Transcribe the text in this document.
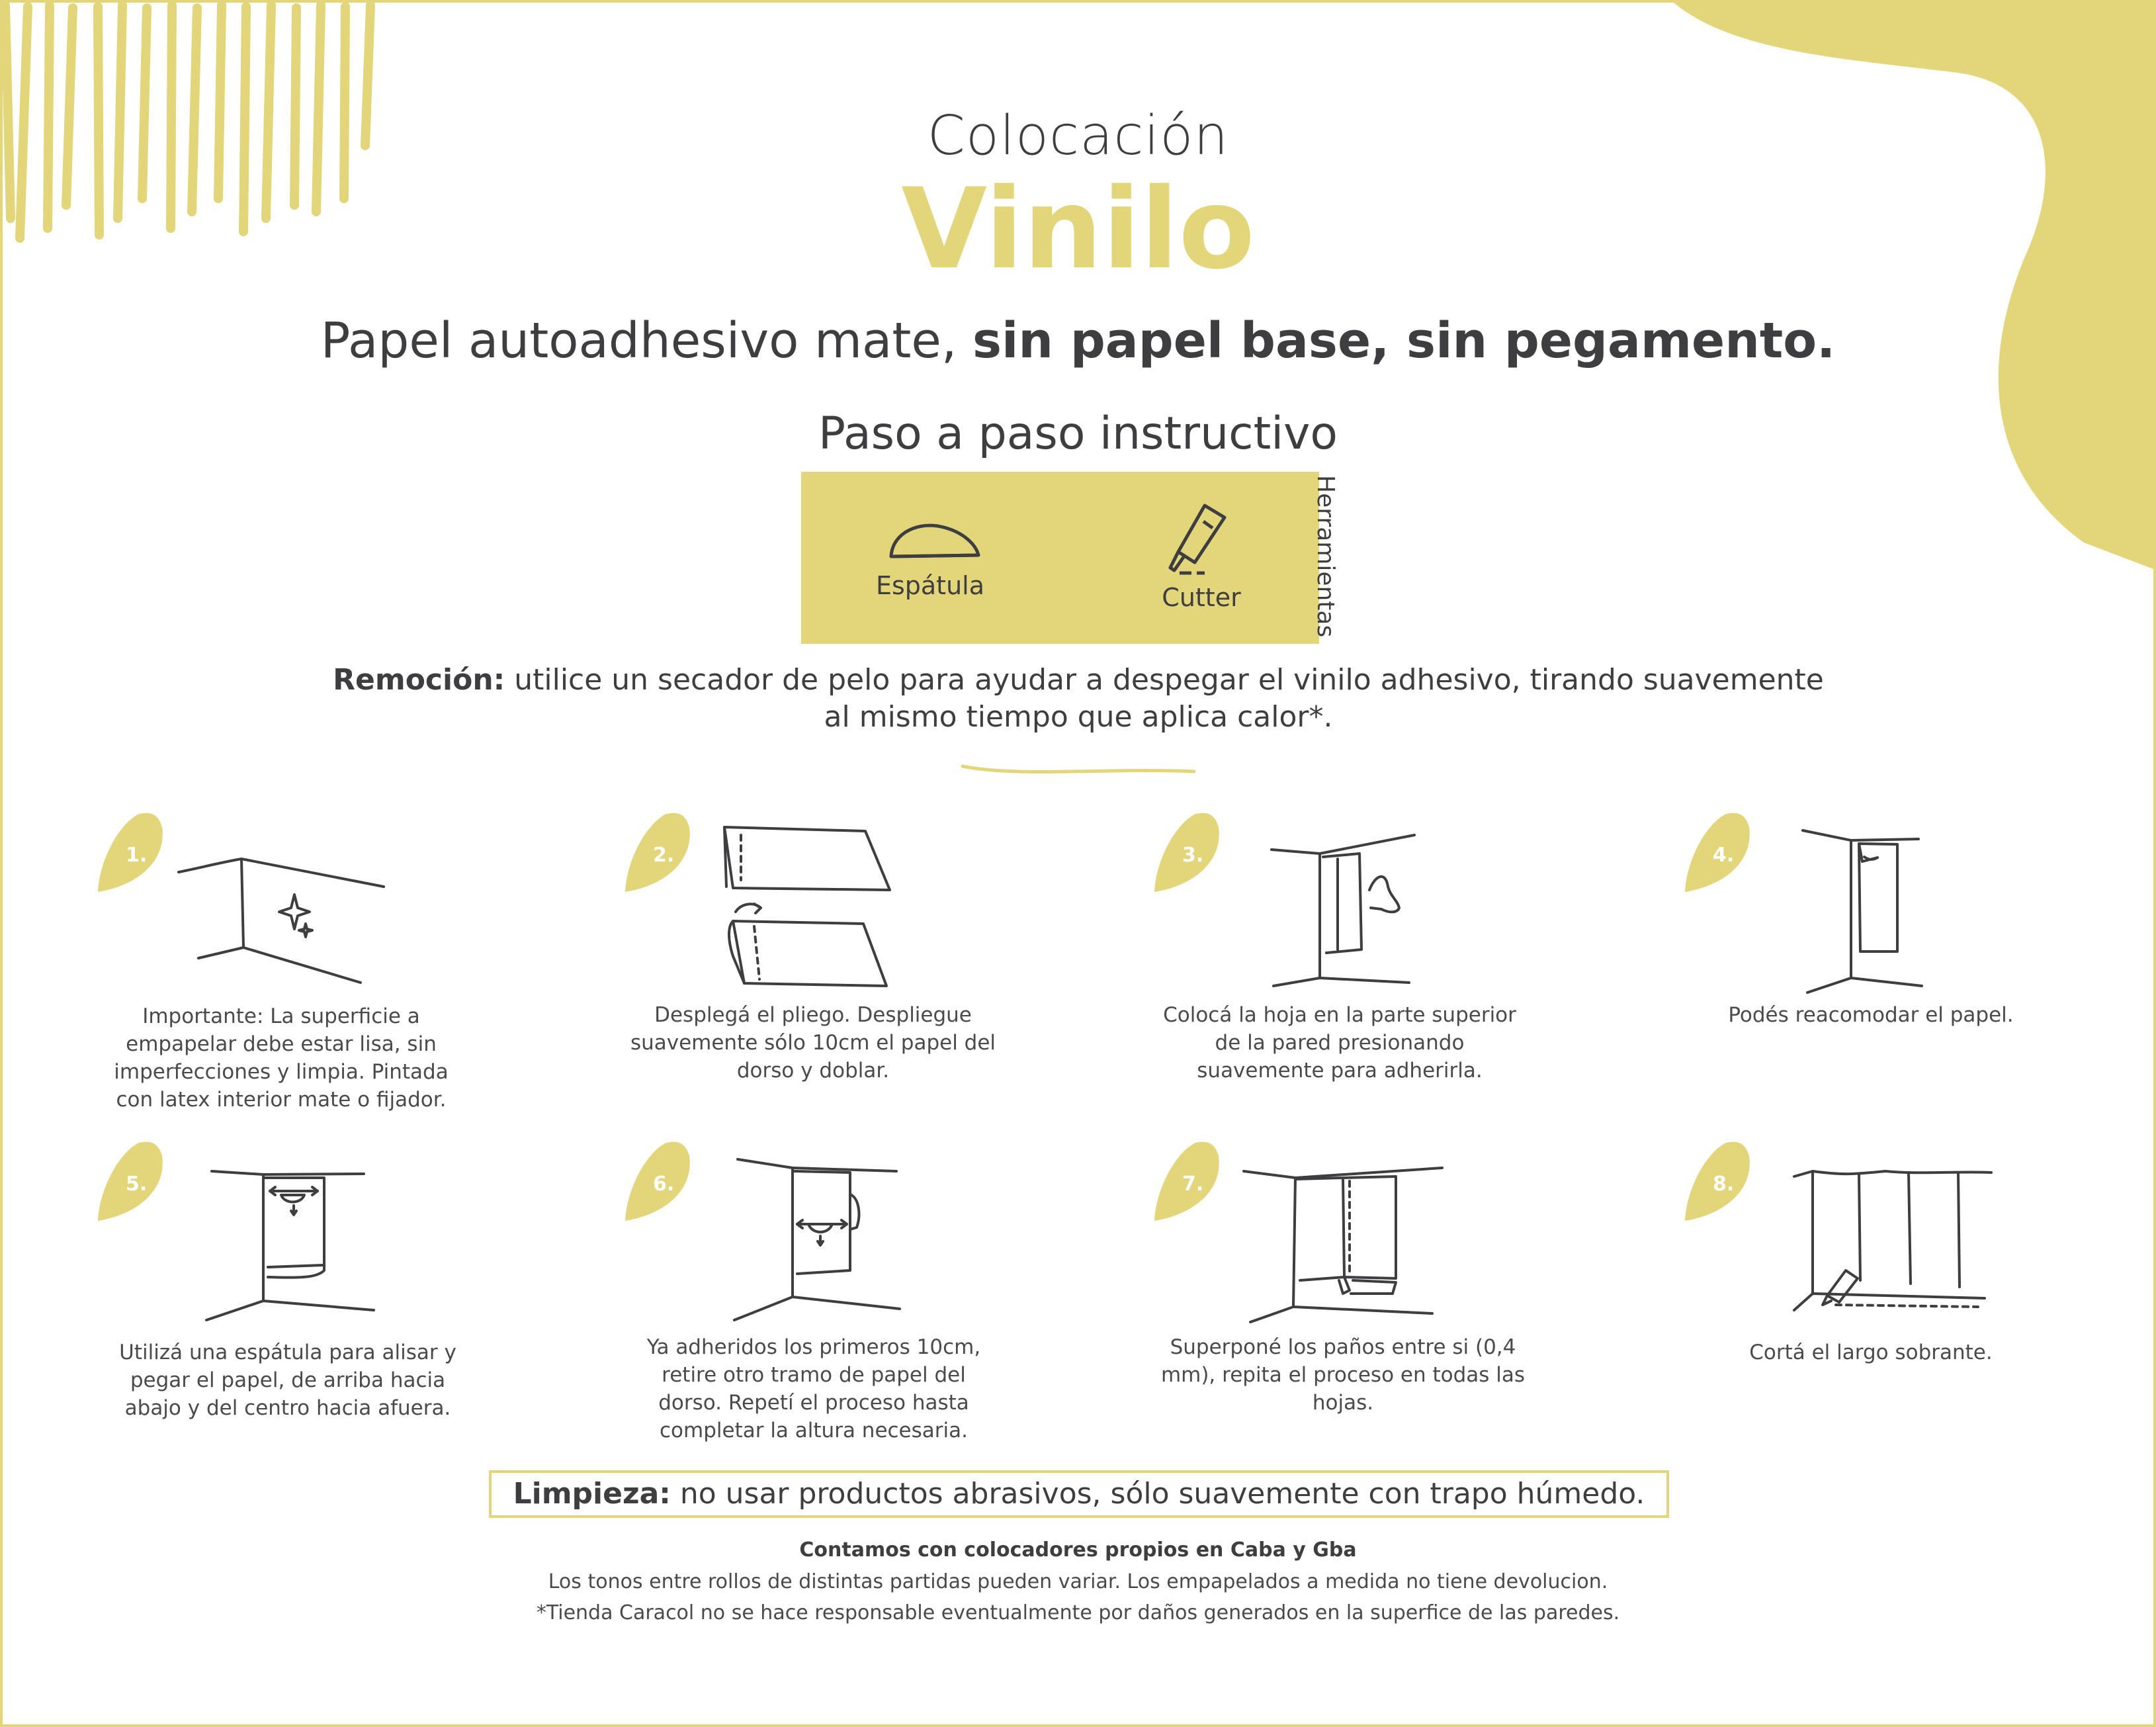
Colocación
Vinilo
Papel autoadhesivo mate, sin papel base, sin pegamento.
Paso a paso instructivo
Espátula	Cutter	Herramientas
Remoción: utilice un secador de pelo para ayudar a despegar el vinilo adhesivo, tirando suavemente al mismo tiempo que aplica calor*.
1.	2.	3.	4.
5.	6.	7.	8.
Importante: La superficie a empapelar debe estar lisa, sin imperfecciones y limpia. Pintada con latex interior mate o fijador.
Desplegá el pliego. Despliegue suavemente sólo 10cm el papel del dorso y doblar.
Colocá la hoja en la parte superior de la pared presionando suavemente para adherirla.
Podés reacomodar el papel.
Utilizá una espátula para alisar y pegar el papel, de arriba hacia abajo y del centro hacia afuera.
Ya adheridos los primeros 10cm, retire otro tramo de papel del dorso. Repetí el proceso hasta completar la altura necesaria.
Superponé los paños entre si (0,4 mm), repita el proceso en todas las hojas.
Cortá el largo sobrante.
Limpieza: no usar productos abrasivos, sólo suavemente con trapo húmedo.
Contamos con colocadores propios en Caba y Gba
Los tonos entre rollos de distintas partidas pueden variar. Los empapelados a medida no tiene devolucion.
*Tienda Caracol no se hace responsable eventualmente por daños generados en la superfice de las paredes.
